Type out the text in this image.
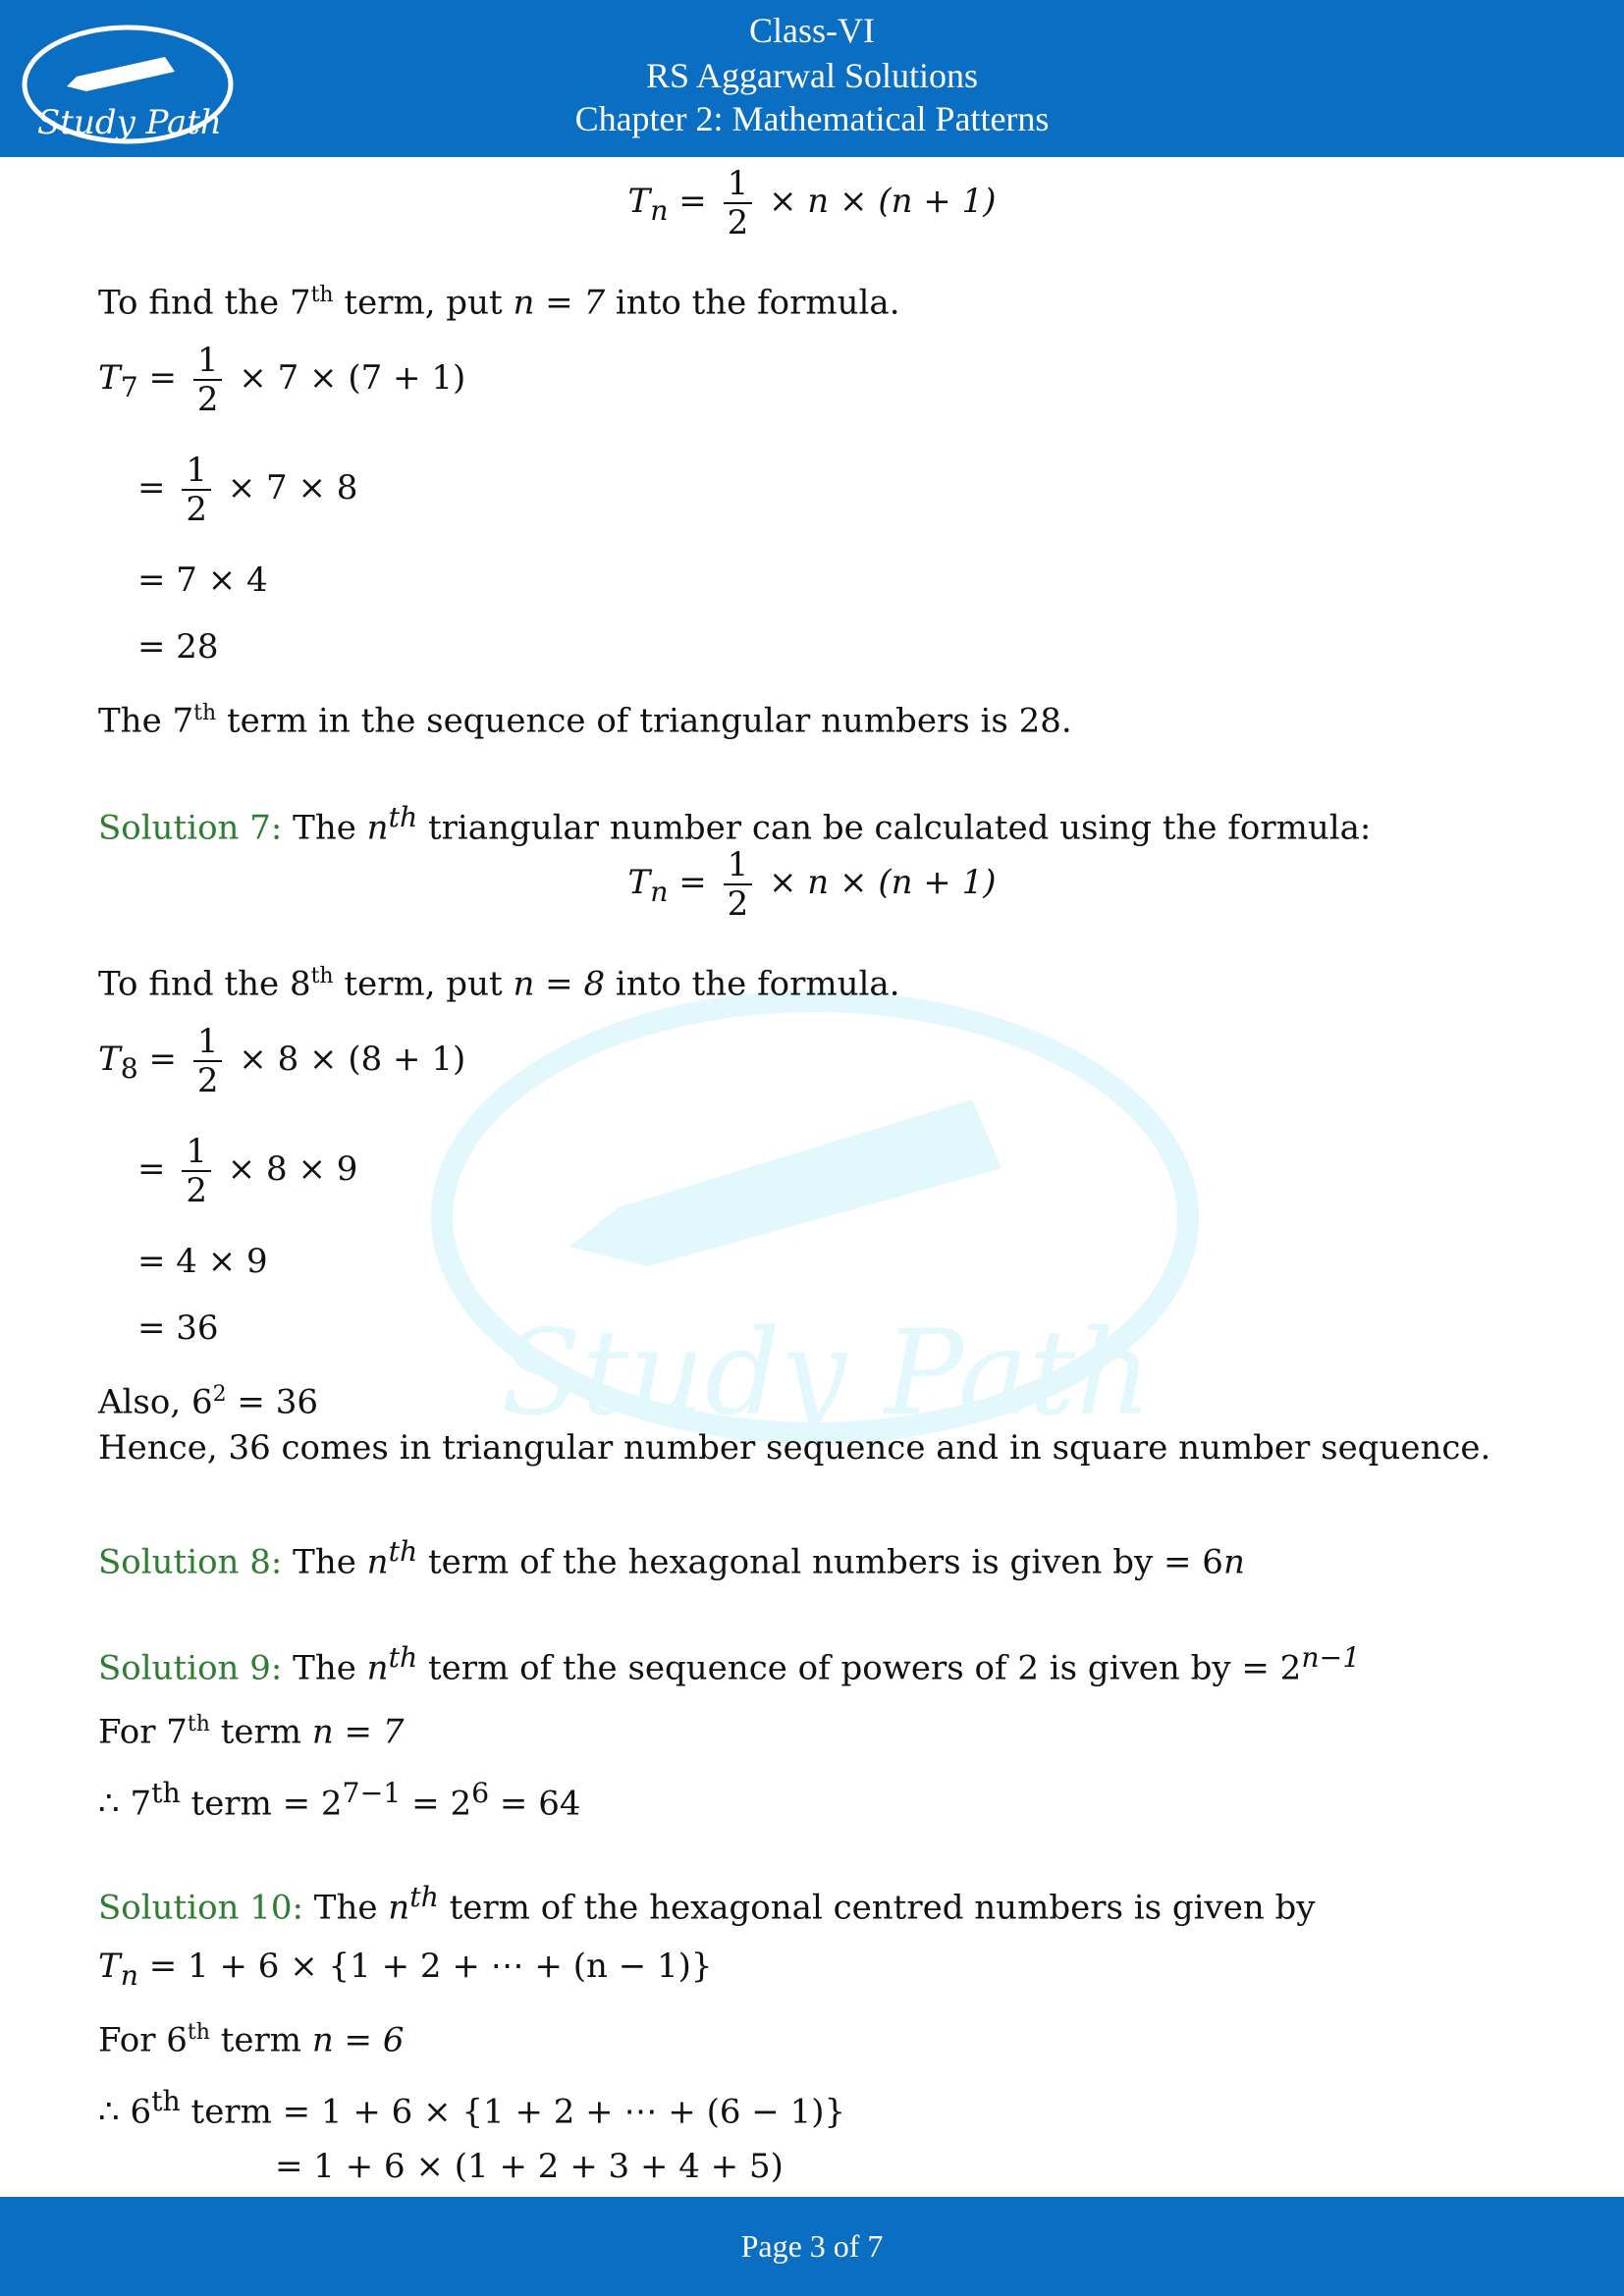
Study Path
Class-VI
RS Aggarwal Solutions
Chapter 2: Mathematical Patterns
Study Path
$T_n = \frac{1}{2} \times n \times (n + 1)$
To find the 7th term, put n = 7 into the formula.
$T_7 = \frac{1}{2} \times 7 \times (7 + 1)$
= $\frac{1}{2} \times 7 \times 8$
= 7 × 4
= 28
The 7th term in the sequence of triangular numbers is 28.
Solution 7: The $n^{th}$ triangular number can be calculated using the formula:
$T_n = \frac{1}{2} \times n \times (n + 1)$
To find the 8th term, put n = 8 into the formula.
$T_8 = \frac{1}{2} \times 8 \times (8 + 1)$
= $\frac{1}{2} \times 8 \times 9$
= 4 × 9
= 36
Also, $6^2 = 36$
Hence, 36 comes in triangular number sequence and in square number sequence.
Solution 8: The $n^{th}$ term of the hexagonal numbers is given by = 6n
Solution 9: The $n^{th}$ term of the sequence of powers of 2 is given by = $2^{n-1}$
For 7th term n = 7
∴ 7th term = $2^{7-1} = 2^6 = 64$
Solution 10: The $n^{th}$ term of the hexagonal centred numbers is given by
$T_n = 1 + 6 \times \{1 + 2$ + ⋯ + (n − 1)}
For 6th term n = 6
∴ 6th term = 1 + 6 × {1 + 2 + ⋯ + (6 − 1)}
= 1 + 6 × (1 + 2 + 3 + 4 + 5)
Page 3 of 7
